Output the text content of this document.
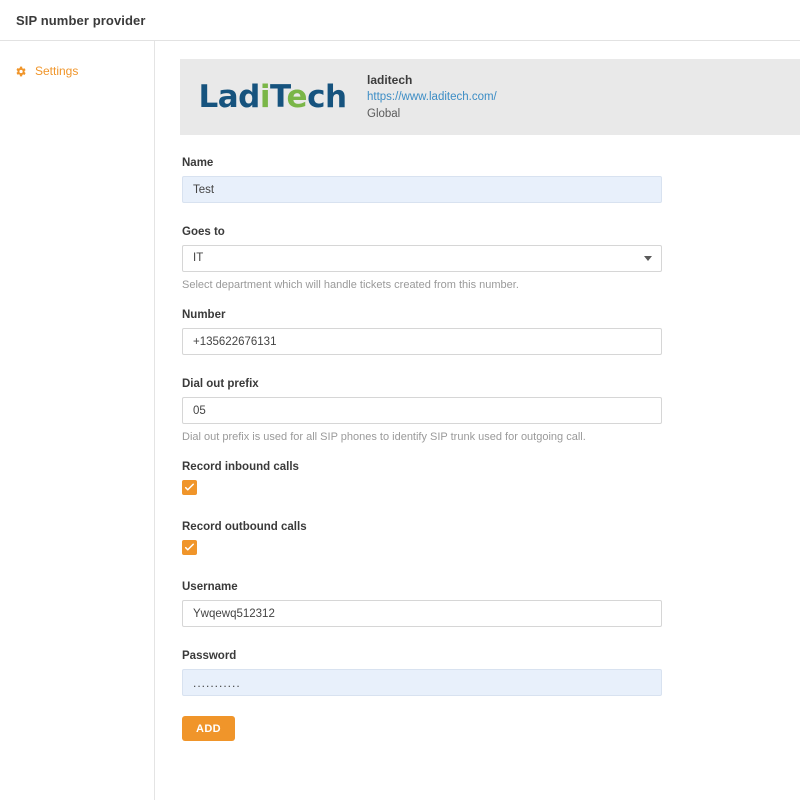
SIP number provider
Settings
LadiTech laditech
https://www.laditech.com/
Global
Name
Test
Goes to
IT
Select department which will handle tickets created from this number.
Number
+135622676131
Dial out prefix
05
Dial out prefix is used for all SIP phones to identify SIP trunk used for outgoing call.
Record inbound calls
Record outbound calls
Username
Ywqewq512312
Password
...........
ADD
